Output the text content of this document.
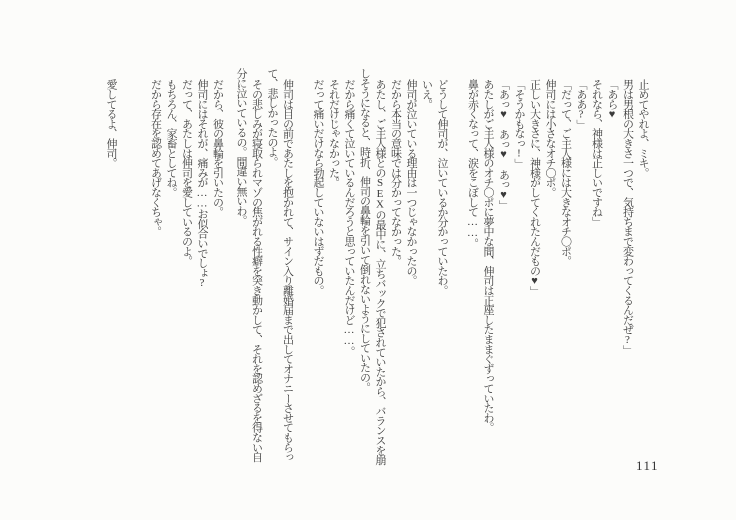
止めてやれよ、ミキ。

男は男根の大きさ一つで、気持ちまで変わってくるんだぜ?」

「あら♥

それなら、神様は正しいですね」

「ああ?」

「だって、ご主人様には大きなオチ〇ポ。

伸司には小さなオチ〇ポ。

正しい大きさに、神様がしてくれたんだもの♥」

「そうかもなっ!」

「あっ♥　あっ♥　あっ♥」

あたしがご主人様のオチ〇ポに夢中な間、伸司は正座したままぐずっていたわ。

鼻が赤くなって、涙をこぼして……。

どうして伸司が、泣いているか分かっていたわ。

いえ。

伸司が泣いている理由は一つじゃなかったの。

だから本当の意味では分かってなかった。

あたし、ご主人様とのSEXの最中に、立ちバックで犯されていたから、バランスを崩

しそうになると、時折、伸司の鼻輪を引いて倒れないようにしていたの。

だから痛くて泣いているんだろうと思っていたんだけど……。

それだけじゃなかった。

だって痛いだけなら勃起していないはずだもの。

伸司は目の前であたしを抱かれて、サイン入り離婚届まで出してオナニーさせてもらっ

て、悲しかったのよ。

その悲しみが寝取られマゾの焦がれる性癖を突き動かして、それを認めざるを得ない自

分に泣いているの。間違い無いわ。

だから、彼の鼻輪を引いたの。

伸司にはそれが、痛みが……お似合いでしょ?

だって、あたしは伸司を愛しているのよ。

もちろん、家畜としてね。

だから存在を認めてあげなくちゃ。

愛してるよ、伸司。

111
